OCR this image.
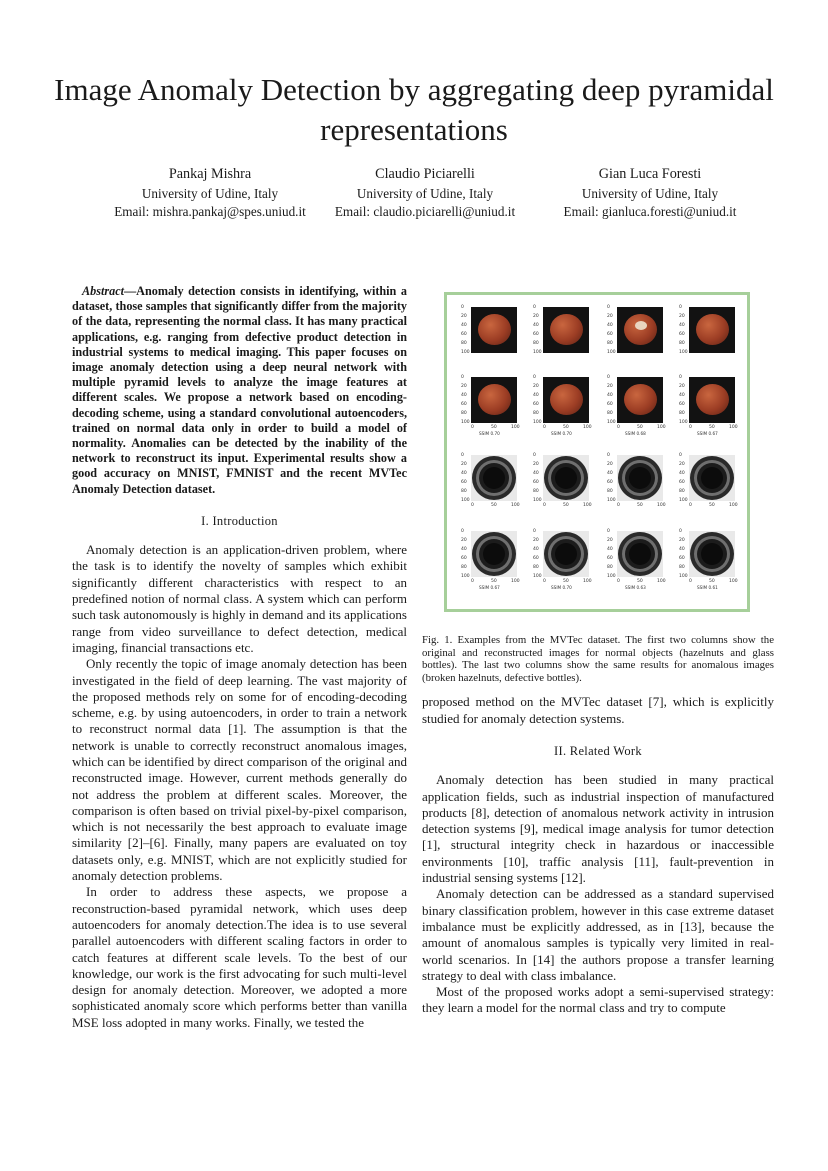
Image Anomaly Detection by aggregating deep pyramidal representations
Pankaj Mishra
University of Udine, Italy
Email: mishra.pankaj@spes.uniud.it
Claudio Piciarelli
University of Udine, Italy
Email: claudio.piciarelli@uniud.it
Gian Luca Foresti
University of Udine, Italy
Email: gianluca.foresti@uniud.it

Abstract—Anomaly detection consists in identifying, within a dataset, those samples that significantly differ from the majority of the data, representing the normal class. It has many practical applications, e.g. ranging from defective product detection in industrial systems to medical imaging. This paper focuses on image anomaly detection using a deep neural network with multiple pyramid levels to analyze the image features at different scales. We propose a network based on encoding-decoding scheme, using a standard convolutional autoencoders, trained on normal data only in order to build a model of normality. Anomalies can be detected by the inability of the network to reconstruct its input. Experimental results show a good accuracy on MNIST, FMNIST and the recent MVTec Anomaly Detection dataset.

I. Introduction

Anomaly detection is an application-driven problem, where the task is to identify the novelty of samples which exhibit significantly different characteristics with respect to an predefined notion of normal class. A system which can perform such task autonomously is highly in demand and its applications range from video surveillance to defect detection, medical imaging, financial transactions etc.

Only recently the topic of image anomaly detection has been investigated in the field of deep learning. The vast majority of the proposed methods rely on some for of encoding-decoding scheme, e.g. by using autoencoders, in order to train a network to reconstruct normal data [1]. The assumption is that the network is unable to correctly reconstruct anomalous images, which can be identified by direct comparison of the original and reconstructed image. However, current methods generally do not address the problem at different scales. Moreover, the comparison is often based on trivial pixel-by-pixel comparison, which is not necessarily the best approach to evaluate image similarity [2]–[6]. Finally, many papers are evaluated on toy datasets only, e.g. MNIST, which are not explicitly studied for anomaly detection problems.

In order to address these aspects, we propose a reconstruction-based pyramidal network, which uses deep autoencoders for anomaly detection.The idea is to use several parallel autoencoders with different scaling factors in order to catch features at different scale levels. To the best of our knowledge, our work is the first advocating for such multi-level design for anomaly detection. Moreover, we adopted a more sophisticated anomaly score which performs better than vanilla MSE loss adopted in many works. Finally, we tested the

0
20
40
60
80
100
0
20
40
60
80
100
0
20
40
60
80
100
0
20
40
60
80
100
0
20
40
60
80
100
0	50	100
SSIM 0.70
0
20
40
60
80
100
0	50	100
SSIM 0.70
0
20
40
60
80
100
0	50	100
SSIM 0.68
0
20
40
60
80
100
0	50	100
SSIM 0.67
0
20
40
60
80
100
0	50	100
0
20
40
60
80
100
0	50	100
0
20
40
60
80
100
0	50	100
0
20
40
60
80
100
0	50	100
0
20
40
60
80
100
0	50	100
SSIM 0.67
0
20
40
60
80
100
0	50	100
SSIM 0.70
0
20
40
60
80
100
0	50	100
SSIM 0.63
0
20
40
60
80
100
0	50	100
SSIM 0.61

Fig. 1. Examples from the MVTec dataset. The first two columns show the original and reconstructed images for normal objects (hazelnuts and glass bottles). The last two columns show the same results for anomalous images (broken hazelnuts, defective bottles).

proposed method on the MVTec dataset [7], which is explicitly studied for anomaly detection systems.

II. Related Work

Anomaly detection has been studied in many practical application fields, such as industrial inspection of manufactured products [8], detection of anomalous network activity in intrusion detection systems [9], medical image analysis for tumor detection [1], structural integrity check in hazardous or inaccessible environments [10], traffic analysis [11], fault-prevention in industrial sensing systems [12].

Anomaly detection can be addressed as a standard supervised binary classification problem, however in this case extreme dataset imbalance must be explicitly addressed, as in [13], because the amount of anomalous samples is typically very limited in real-world scenarios. In [14] the authors propose a transfer learning strategy to deal with class imbalance.

Most of the proposed works adopt a semi-supervised strategy: they learn a model for the normal class and try to compute
